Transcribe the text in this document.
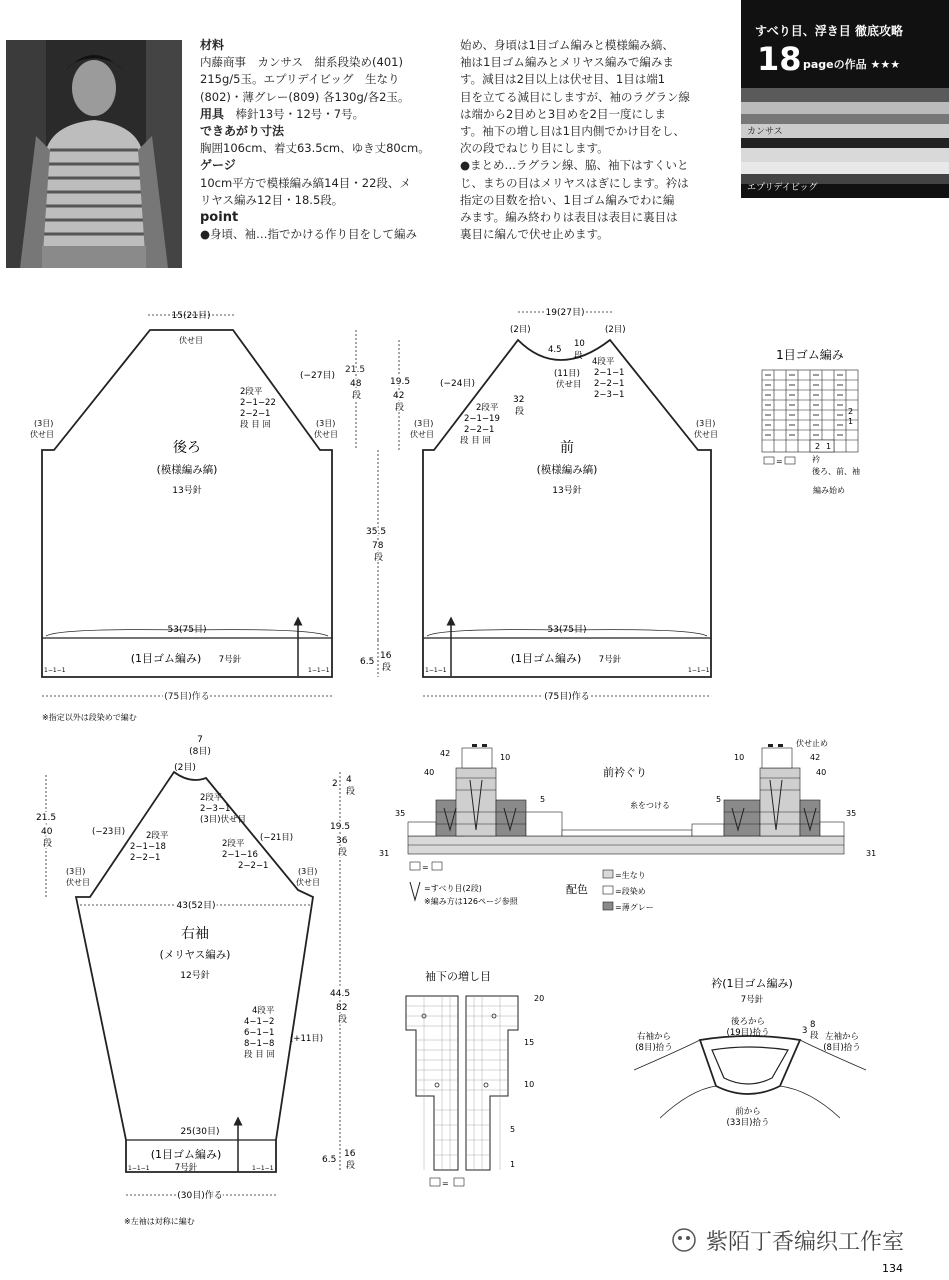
材料
内藤商事　カンサス　紺系段染め(401)
215g/5玉。エプリデイビッグ　生なり
(802)・薄グレー(809) 各130g/各2玉。
用具　 棒針13号・12号・7号。
できあがり寸法
胸囲106cm、着丈63.5cm、ゆき丈80cm。
ゲージ
10cm平方で模様編み縞14目・22段、メ
リヤス編み12目・18.5段。
point
●身頃、袖…指でかける作り目をして編み
始め、身頃は1目ゴム編みと模様編み縞、
袖は1目ゴム編みとメリヤス編みで編みま
す。減目は2目以上は伏せ目、1目は端1
目を立てる減目にしますが、袖のラグラン線
は端から2目めと3目めを2目一度にしま
す。袖下の増し目は1目内側でかけ目をし、
次の段でねじり目にします。
●まとめ…ラグラン線、脇、袖下はすくいと
じ、まちの目はメリヤスはぎにします。衿は
指定の目数を拾い、1目ゴム編みでわに編
みます。編み終わりは表目は表目に裏目は
裏目に編んで伏せ止めます。
すべり目、浮き目 徹底攻略
18 pageの作品 ★★★
カンサス
エプリデイビッグ
15(21目)
伏せ目
(−27目)
2段平
2−1−22
2−2−1
段 目 回
(3目)
伏せ目
(3目)
伏せ目
後ろ
(模様編み縞)
13号針
53(75目)
(1目ゴム編み) 7号針
1−1−1	1−1−1
(75目)作る
※指定以外は段染めで編む
21.5
48
段
19.5
42
段
35.5
78
段
6.5
16
段
19(27目)
(2目)	(2目)
4.5
10
段
(11目)
伏せ目
4段平
2−1−1
2−2−1
2−3−1
(−24目)
2段平
2−1−19
2−2−1
段 目 回
32
段
(3目)
伏せ目
(3目)
伏せ目
前
(模様編み縞)
13号針
53(75目)
(1目ゴム編み) 7号針
1−1−1	1−1−1
(75目)作る
1目ゴム編み
2 1
2
1
衿
後ろ、前、袖
編み始め
=
43(52目)
7
(8目)
(2目)
2段平
2−3−1
(3目)伏せ目
(−23目) 2段平
2−1−18
2−2−1
(−21目)
2段平
2−1−16
2−2−1
(3目)
伏せ目
(3目)
伏せ目
右袖
(メリヤス編み)
12号針
4段平
4−1−2
6−1−1
8−1−8
段 目 回
(+11目)
25(30目)
(1目ゴム編み)
7号針
1−1−1	1−1−1
(30目)作る
※左袖は対称に編む
21.5
40
段
2 4
段
19.5
36
段
44.5
82
段
6.5
16
段
前衿ぐり
42	10
40
5
35
31
糸をつける
10
伏せ止め
42
40
5
35
31
=
=すべり目(2段)
※編み方は126ページ参照
配色
=生なり
=段染め
=薄グレー
袖下の増し目
20
15
10
5
1
=
衿(1目ゴム編み)
7号針
後ろから
(19目)拾う
右袖から
(8目)拾う
左袖から
(8目)拾う
前から
(33目)拾う
3
8
段
紫陌丁香编织工作室
134
